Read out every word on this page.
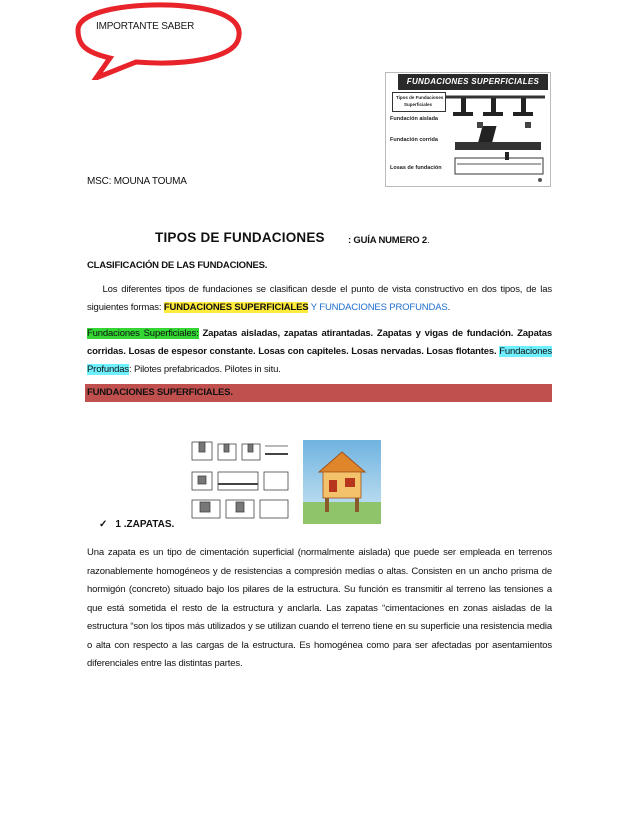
IMPORTANTE SABER
FUNDACIONES SUPERFICIALES
Tipos de Fundaciones
Superficiales
Fundación aislada
Fundación corrida
Losas de fundación
MSC: MOUNA TOUMA
TIPOS DE FUNDACIONES : GUÍA NUMERO 2.
CLASIFICACIÓN DE LAS FUNDACIONES.
Los diferentes tipos de fundaciones se clasifican desde el punto de vista constructivo en dos tipos, de las siguientes formas: FUNDACIONES SUPERFICIALES Y FUNDACIONES PROFUNDAS.
Fundaciones Superficiales: Zapatas aisladas, zapatas atirantadas. Zapatas y vigas de fundación. Zapatas corridas. Losas de espesor constante. Losas con capiteles. Losas nervadas. Losas flotantes. Fundaciones Profundas: Pilotes prefabricados. Pilotes in situ.
FUNDACIONES SUPERFICIALES.
✓ 1 .ZAPATAS.
Una zapata es un tipo de cimentación superficial (normalmente aislada) que puede ser empleada en terrenos razonablemente homogéneos y de resistencias a compresión medias o altas. Consisten en un ancho prisma de hormigón (concreto) situado bajo los pilares de la estructura. Su función es transmitir al terreno las tensiones a que está sometida el resto de la estructura y anclarla. Las zapatas “cimentaciones en zonas aisladas de la estructura “son los tipos más utilizados y se utilizan cuando el terreno tiene en su superficie una resistencia media o alta con respecto a las cargas de la estructura. Es homogénea como para ser afectadas por asentamientos diferenciales entre las distintas partes.
